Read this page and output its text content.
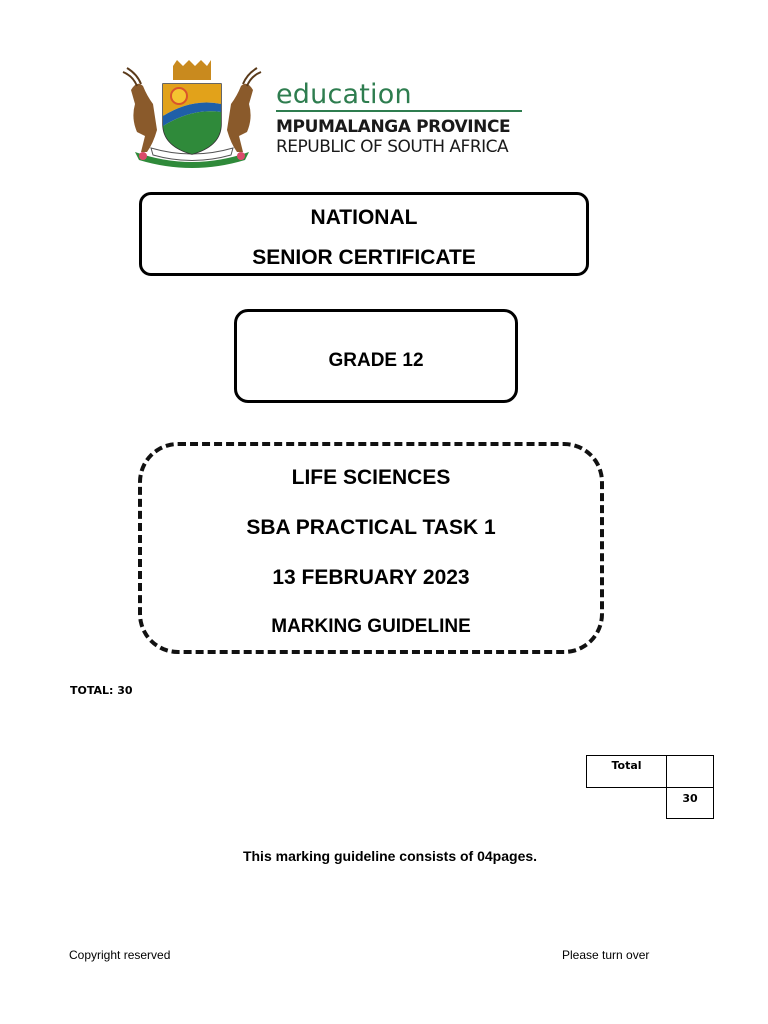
education
MPUMALANGA PROVINCE
REPUBLIC OF SOUTH AFRICA
NATIONAL
SENIOR CERTIFICATE
GRADE 12
LIFE SCIENCES
SBA PRACTICAL TASK 1
13 FEBRUARY 2023
MARKING GUIDELINE
TOTAL: 30
Total	
	30
This marking guideline consists of 04pages.
Copyright reserved	Please turn over
